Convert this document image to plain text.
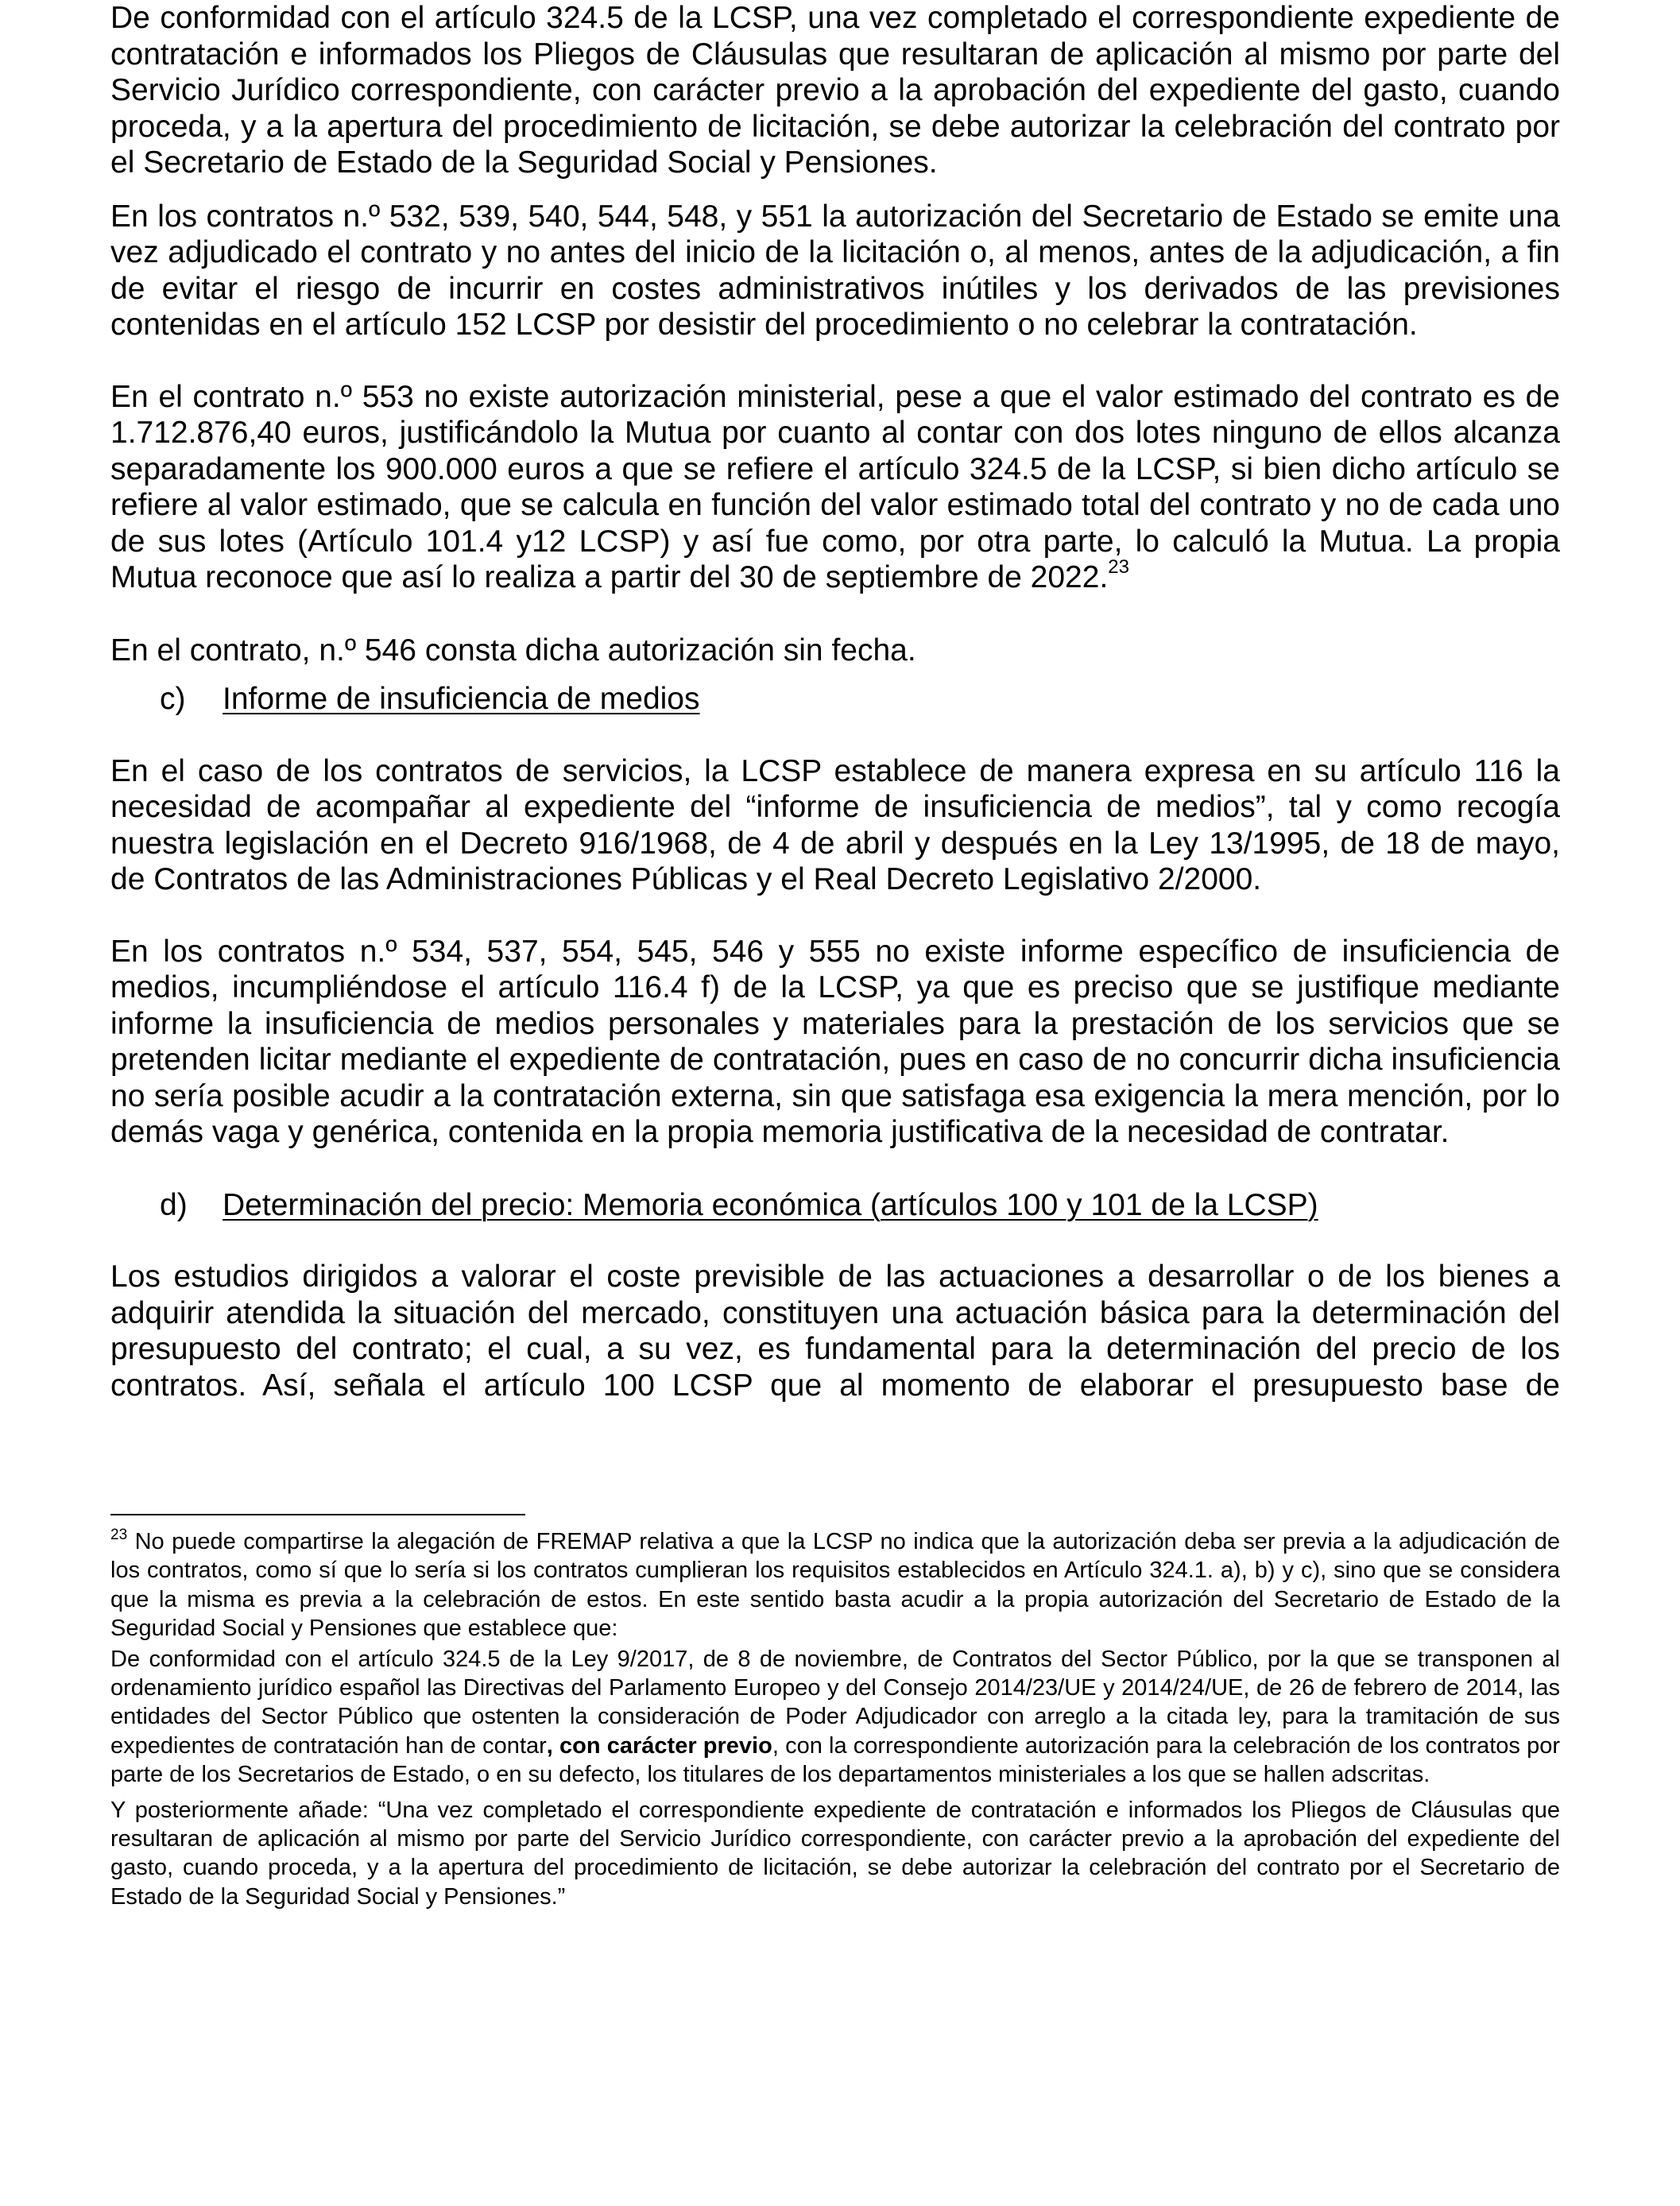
De conformidad con el artículo 324.5 de la LCSP, una vez completado el correspondiente expediente de contratación e informados los Pliegos de Cláusulas que resultaran de aplicación al mismo por parte del Servicio Jurídico correspondiente, con carácter previo a la aprobación del expediente del gasto, cuando proceda, y a la apertura del procedimiento de licitación, se debe autorizar la celebración del contrato por el Secretario de Estado de la Seguridad Social y Pensiones.

En los contratos n.º 532, 539, 540, 544, 548, y 551 la autorización del Secretario de Estado se emite una vez adjudicado el contrato y no antes del inicio de la licitación o, al menos, antes de la adjudicación, a fin de evitar el riesgo de incurrir en costes administrativos inútiles y los derivados de las previsiones contenidas en el artículo 152 LCSP por desistir del procedimiento o no celebrar la contratación.

En el contrato n.º 553 no existe autorización ministerial, pese a que el valor estimado del contrato es de 1.712.876,40 euros, justificándolo la Mutua por cuanto al contar con dos lotes ninguno de ellos alcanza separadamente los 900.000 euros a que se refiere el artículo 324.5 de la LCSP, si bien dicho artículo se refiere al valor estimado, que se calcula en función del valor estimado total del contrato y no de cada uno de sus lotes (Artículo 101.4 y12 LCSP) y así fue como, por otra parte, lo calculó la Mutua. La propia Mutua reconoce que así lo realiza a partir del 30 de septiembre de 2022.23

En el contrato, n.º 546 consta dicha autorización sin fecha.

c)	Informe de insuficiencia de medios

En el caso de los contratos de servicios, la LCSP establece de manera expresa en su artículo 116 la necesidad de acompañar al expediente del “informe de insuficiencia de medios”, tal y como recogía nuestra legislación en el Decreto 916/1968, de 4 de abril y después en la Ley 13/1995, de 18 de mayo, de Contratos de las Administraciones Públicas y el Real Decreto Legislativo 2/2000.

En los contratos n.º 534, 537, 554, 545, 546 y 555 no existe informe específico de insuficiencia de medios, incumpliéndose el artículo 116.4 f) de la LCSP, ya que es preciso que se justifique mediante informe la insuficiencia de medios personales y materiales para la prestación de los servicios que se pretenden licitar mediante el expediente de contratación, pues en caso de no concurrir dicha insuficiencia no sería posible acudir a la contratación externa, sin que satisfaga esa exigencia la mera mención, por lo demás vaga y genérica, contenida en la propia memoria justificativa de la necesidad de contratar.

d)	Determinación del precio: Memoria económica (artículos 100 y 101 de la LCSP)

Los estudios dirigidos a valorar el coste previsible de las actuaciones a desarrollar o de los bienes a adquirir atendida la situación del mercado, constituyen una actuación básica para la determinación del presupuesto del contrato; el cual, a su vez, es fundamental para la determinación del precio de los contratos. Así, señala el artículo 100 LCSP que al momento de elaborar el presupuesto base de

$^{23}$ No puede compartirse la alegación de FREMAP relativa a que la LCSP no indica que la autorización deba ser previa a la adjudicación de los contratos, como sí que lo sería si los contratos cumplieran los requisitos establecidos en Artículo 324.1. a), b) y c), sino que se considera que la misma es previa a la celebración de estos. En este sentido basta acudir a la propia autorización del Secretario de Estado de la Seguridad Social y Pensiones que establece que:

De conformidad con el artículo 324.5 de la Ley 9/2017, de 8 de noviembre, de Contratos del Sector Público, por la que se transponen al ordenamiento jurídico español las Directivas del Parlamento Europeo y del Consejo 2014/23/UE y 2014/24/UE, de 26 de febrero de 2014, las entidades del Sector Público que ostenten la consideración de Poder Adjudicador con arreglo a la citada ley, para la tramitación de sus expedientes de contratación han de contar, con carácter previo, con la correspondiente autorización para la celebración de los contratos por parte de los Secretarios de Estado, o en su defecto, los titulares de los departamentos ministeriales a los que se hallen adscritas.

Y posteriormente añade: “Una vez completado el correspondiente expediente de contratación e informados los Pliegos de Cláusulas que resultaran de aplicación al mismo por parte del Servicio Jurídico correspondiente, con carácter previo a la aprobación del expediente del gasto, cuando proceda, y a la apertura del procedimiento de licitación, se debe autorizar la celebración del contrato por el Secretario de Estado de la Seguridad Social y Pensiones.”
